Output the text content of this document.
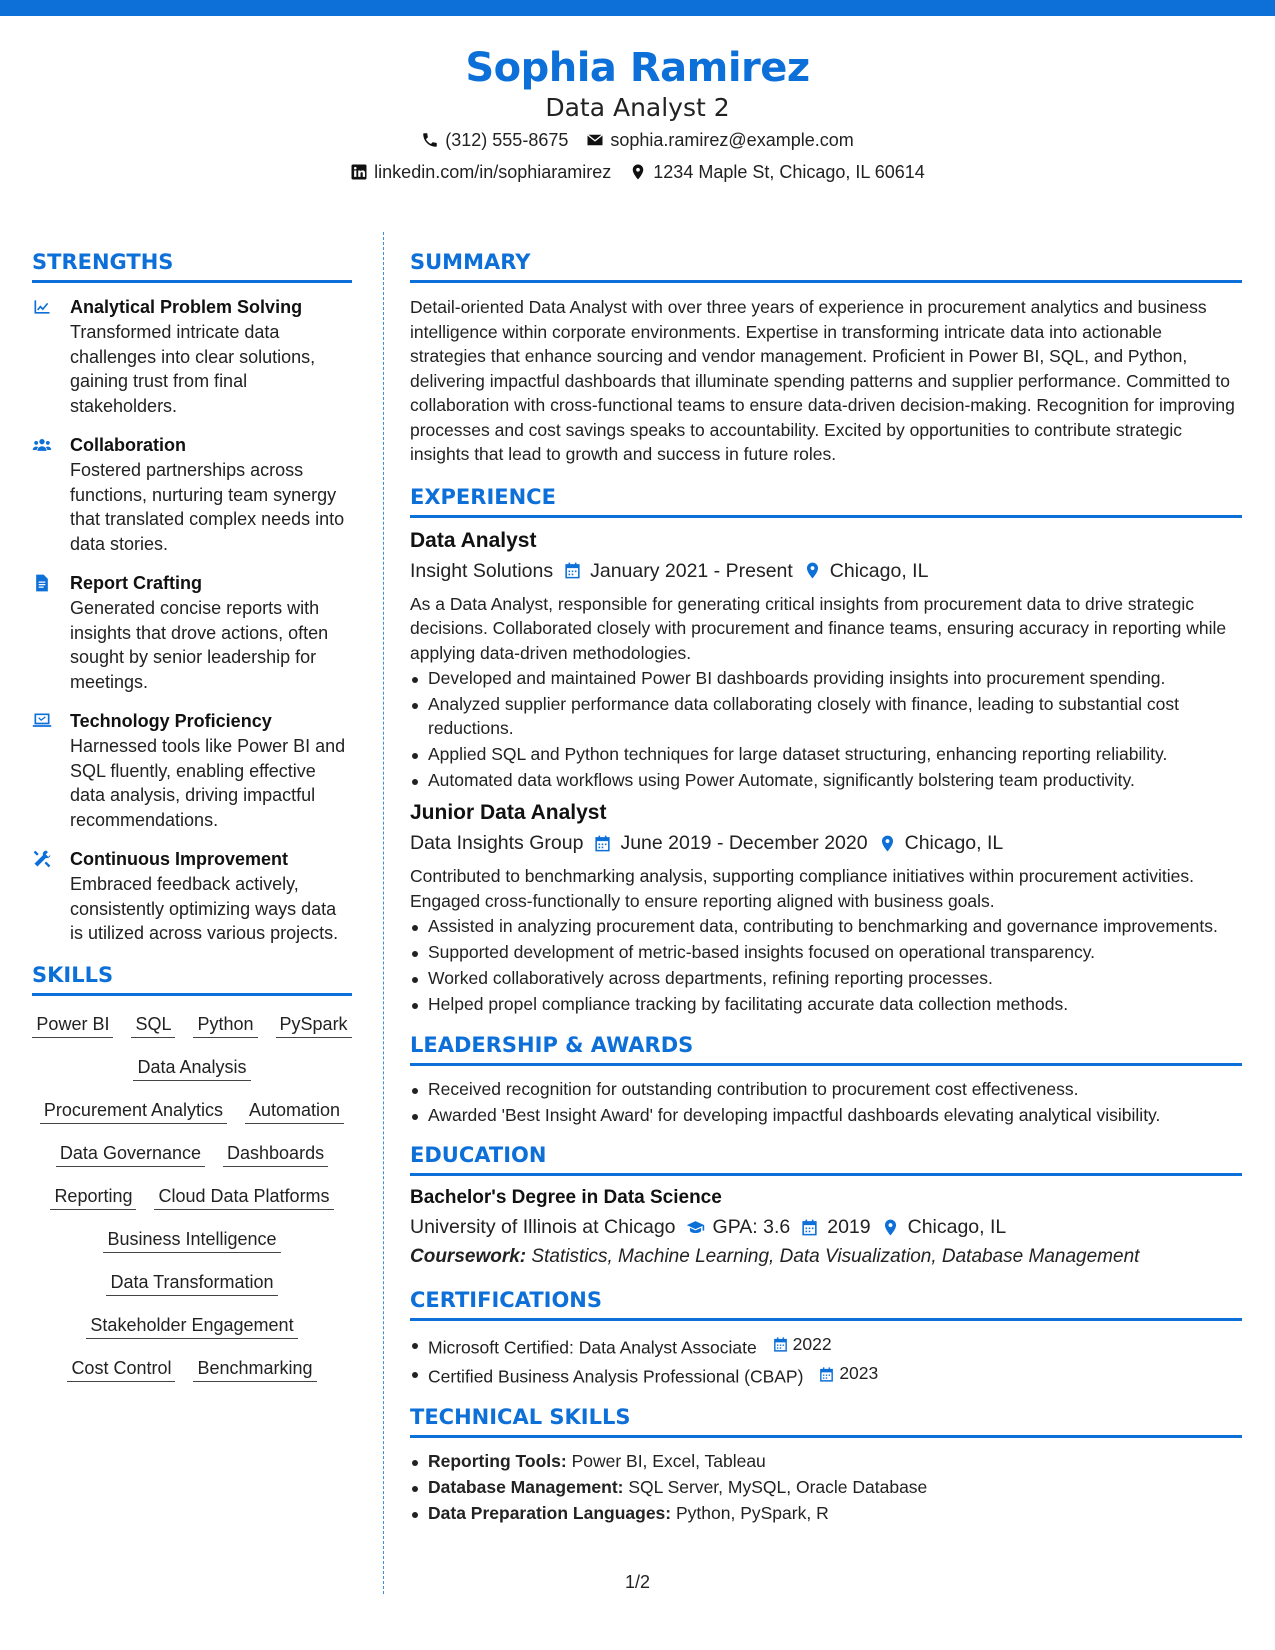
Sophia Ramirez
Data Analyst 2
(312) 555-8675 sophia.ramirez@example.com
linkedin.com/in/sophiaramirez 1234 Maple St, Chicago, IL 60614
STRENGTHS
Analytical Problem Solving
Transformed intricate data challenges into clear solutions, gaining trust from final stakeholders.
Collaboration
Fostered partnerships across functions, nurturing team synergy that translated complex needs into data stories.
Report Crafting
Generated concise reports with insights that drove actions, often sought by senior leadership for meetings.
Technology Proficiency
Harnessed tools like Power BI and SQL fluently, enabling effective data analysis, driving impactful recommendations.
Continuous Improvement
Embraced feedback actively, consistently optimizing ways data is utilized across various projects.
SKILLS
Power BI SQL Python PySpark
Data Analysis
Procurement Analytics Automation
Data Governance Dashboards
Reporting Cloud Data Platforms
Business Intelligence
Data Transformation
Stakeholder Engagement
Cost Control Benchmarking
SUMMARY
Detail-oriented Data Analyst with over three years of experience in procurement analytics and business intelligence within corporate environments. Expertise in transforming intricate data into actionable strategies that enhance sourcing and vendor management. Proficient in Power BI, SQL, and Python, delivering impactful dashboards that illuminate spending patterns and supplier performance. Committed to collaboration with cross-functional teams to ensure data-driven decision-making. Recognition for improving processes and cost savings speaks to accountability. Excited by opportunities to contribute strategic insights that lead to growth and success in future roles.
EXPERIENCE
Data Analyst
Insight Solutions January 2021 - Present Chicago, IL
As a Data Analyst, responsible for generating critical insights from procurement data to drive strategic decisions. Collaborated closely with procurement and finance teams, ensuring accuracy in reporting while applying data-driven methodologies.
Developed and maintained Power BI dashboards providing insights into procurement spending.
Analyzed supplier performance data collaborating closely with finance, leading to substantial cost reductions.
Applied SQL and Python techniques for large dataset structuring, enhancing reporting reliability.
Automated data workflows using Power Automate, significantly bolstering team productivity.
Junior Data Analyst
Data Insights Group June 2019 - December 2020 Chicago, IL
Contributed to benchmarking analysis, supporting compliance initiatives within procurement activities. Engaged cross-functionally to ensure reporting aligned with business goals.
Assisted in analyzing procurement data, contributing to benchmarking and governance improvements.
Supported development of metric-based insights focused on operational transparency.
Worked collaboratively across departments, refining reporting processes.
Helped propel compliance tracking by facilitating accurate data collection methods.
LEADERSHIP & AWARDS
Received recognition for outstanding contribution to procurement cost effectiveness.
Awarded 'Best Insight Award' for developing impactful dashboards elevating analytical visibility.
EDUCATION
Bachelor's Degree in Data Science
University of Illinois at Chicago GPA: 3.6 2019 Chicago, IL
Coursework: Statistics, Machine Learning, Data Visualization, Database Management
CERTIFICATIONS
Microsoft Certified: Data Analyst Associate 2022
Certified Business Analysis Professional (CBAP) 2023
TECHNICAL SKILLS
Reporting Tools: Power BI, Excel, Tableau
Database Management: SQL Server, MySQL, Oracle Database
Data Preparation Languages: Python, PySpark, R
1/2
